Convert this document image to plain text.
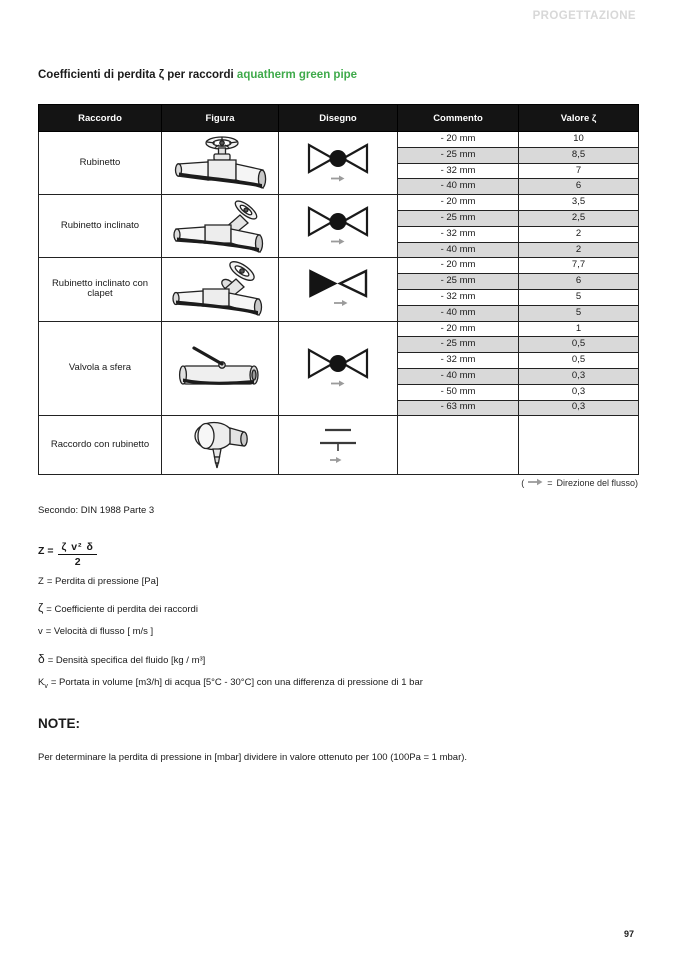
PROGETTAZIONE
Coefficienti di perdita ζ per raccordi aquatherm green pipe
Raccordo	Figura	Disegno	Commento	Valore ζ
Rubinetto			- 20 mm	10
			- 25 mm	8,5
			- 32 mm	7
			- 40 mm	6
Rubinetto inclinato			- 20 mm	3,5
			- 25 mm	2,5
			- 32 mm	2
			- 40 mm	2
Rubinetto inclinato con clapet			- 20 mm	7,7
			- 25 mm	6
			- 32 mm	5
			- 40 mm	5
Valvola a sfera			- 20 mm	1
			- 25 mm	0,5
			- 32 mm	0,5
			- 40 mm	0,3
			- 50 mm	0,3
			- 63 mm	0,3
Raccordo con rubinetto	

(	= Direzione del flusso)
Secondo: DIN 1988 Parte 3
$Z = \frac{\text{ζ v² δ}}{2}$
Z = Perdita di pressione [Pa]
ζ = Coefficiente di perdita dei raccordi
v = Velocità di flusso [ m/s ]
δ = Densità specifica del fluido [kg / m³]
$K_v$ = Portata in volume [m3/h] di acqua [5°C - 30°C] con una differenza di pressione di 1 bar
NOTE:
Per determinare la perdita di pressione in [mbar] dividere in valore ottenuto per 100 (100Pa = 1 mbar).
97
